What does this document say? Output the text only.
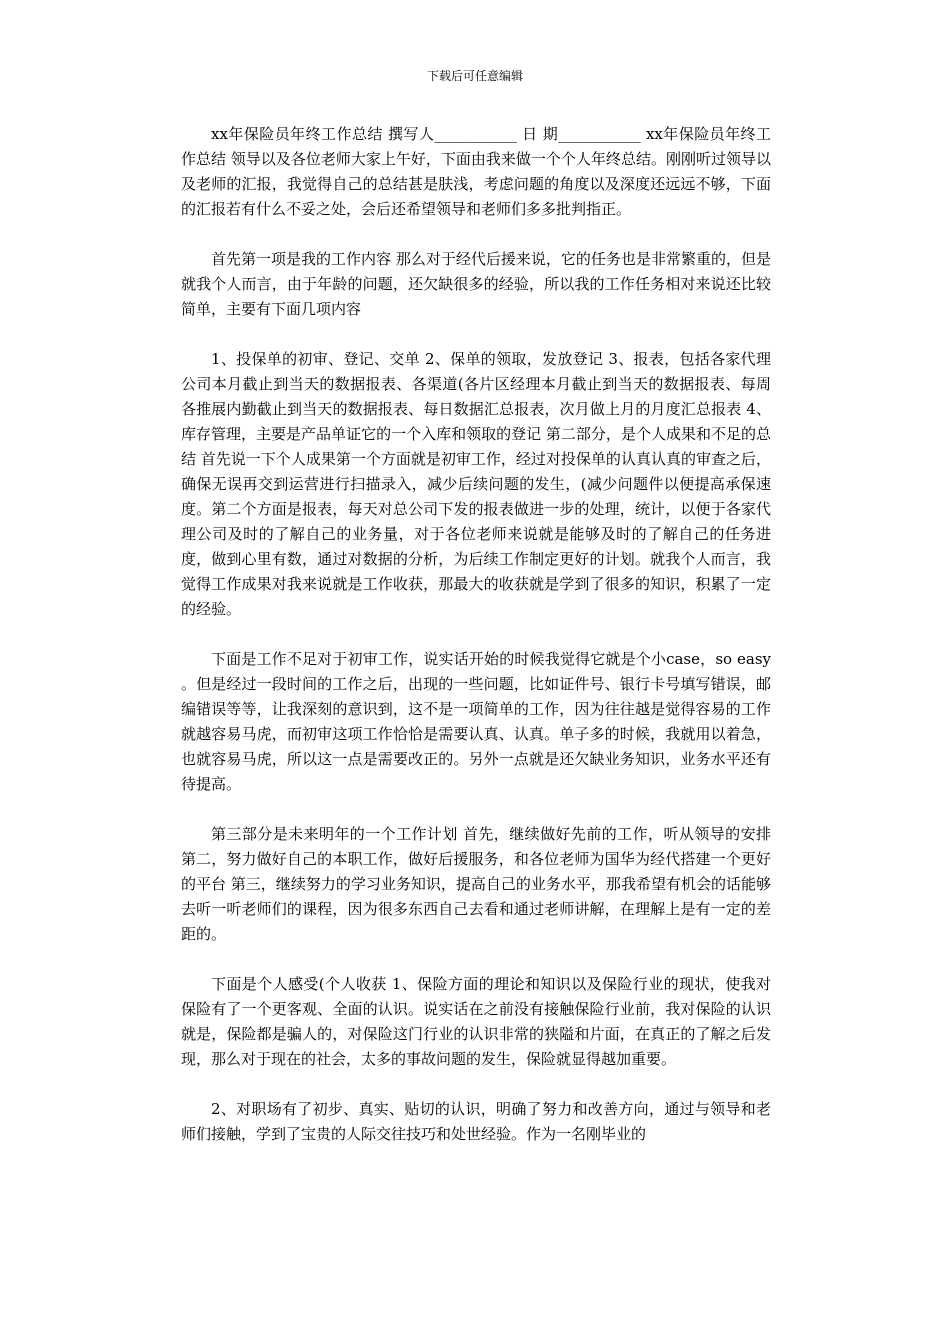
下载后可任意编辑

xx年保险员年终工作总结 撰写人___________ 日 期___________ xx年保险员年终工作总结 领导以及各位老师大家上午好，下面由我来做一个个人年终总结。刚刚听过领导以及老师的汇报，我觉得自己的总结甚是肤浅，考虑问题的角度以及深度还远远不够，下面的汇报若有什么不妥之处，会后还希望领导和老师们多多批判指正。

首先第一项是我的工作内容 那么对于经代后援来说，它的任务也是非常繁重的，但是就我个人而言，由于年龄的问题，还欠缺很多的经验，所以我的工作任务相对来说还比较简单，主要有下面几项内容

1、投保单的初审、登记、交单 2、保单的领取，发放登记 3、报表，包括各家代理公司本月截止到当天的数据报表、各渠道(各片区经理本月截止到当天的数据报表、每周各推展内勤截止到当天的数据报表、每日数据汇总报表，次月做上月的月度汇总报表 4、库存管理，主要是产品单证它的一个入库和领取的登记 第二部分，是个人成果和不足的总结 首先说一下个人成果第一个方面就是初审工作，经过对投保单的认真认真的审查之后，确保无误再交到运营进行扫描录入，减少后续问题的发生，(减少问题件以便提高承保速度。第二个方面是报表，每天对总公司下发的报表做进一步的处理，统计，以便于各家代理公司及时的了解自己的业务量，对于各位老师来说就是能够及时的了解自己的任务进度，做到心里有数，通过对数据的分析，为后续工作制定更好的计划。就我个人而言，我觉得工作成果对我来说就是工作收获，那最大的收获就是学到了很多的知识，积累了一定的经验。

下面是工作不足对于初审工作，说实话开始的时候我觉得它就是个小case，so easy 。但是经过一段时间的工作之后，出现的一些问题，比如证件号、银行卡号填写错误，邮编错误等等，让我深刻的意识到，这不是一项简单的工作，因为往往越是觉得容易的工作就越容易马虎，而初审这项工作恰恰是需要认真、认真。单子多的时候，我就用以着急，也就容易马虎，所以这一点是需要改正的。另外一点就是还欠缺业务知识，业务水平还有待提高。

第三部分是未来明年的一个工作计划 首先，继续做好先前的工作，听从领导的安排 第二，努力做好自己的本职工作，做好后援服务，和各位老师为国华为经代搭建一个更好的平台 第三，继续努力的学习业务知识，提高自己的业务水平，那我希望有机会的话能够去听一听老师们的课程，因为很多东西自己去看和通过老师讲解，在理解上是有一定的差距的。

下面是个人感受(个人收获 1、保险方面的理论和知识以及保险行业的现状，使我对保险有了一个更客观、全面的认识。说实话在之前没有接触保险行业前，我对保险的认识就是，保险都是骗人的，对保险这门行业的认识非常的狭隘和片面，在真正的了解之后发现，那么对于现在的社会，太多的事故问题的发生，保险就显得越加重要。

2、对职场有了初步、真实、贴切的认识，明确了努力和改善方向，通过与领导和老师们接触，学到了宝贵的人际交往技巧和处世经验。作为一名刚毕业的
